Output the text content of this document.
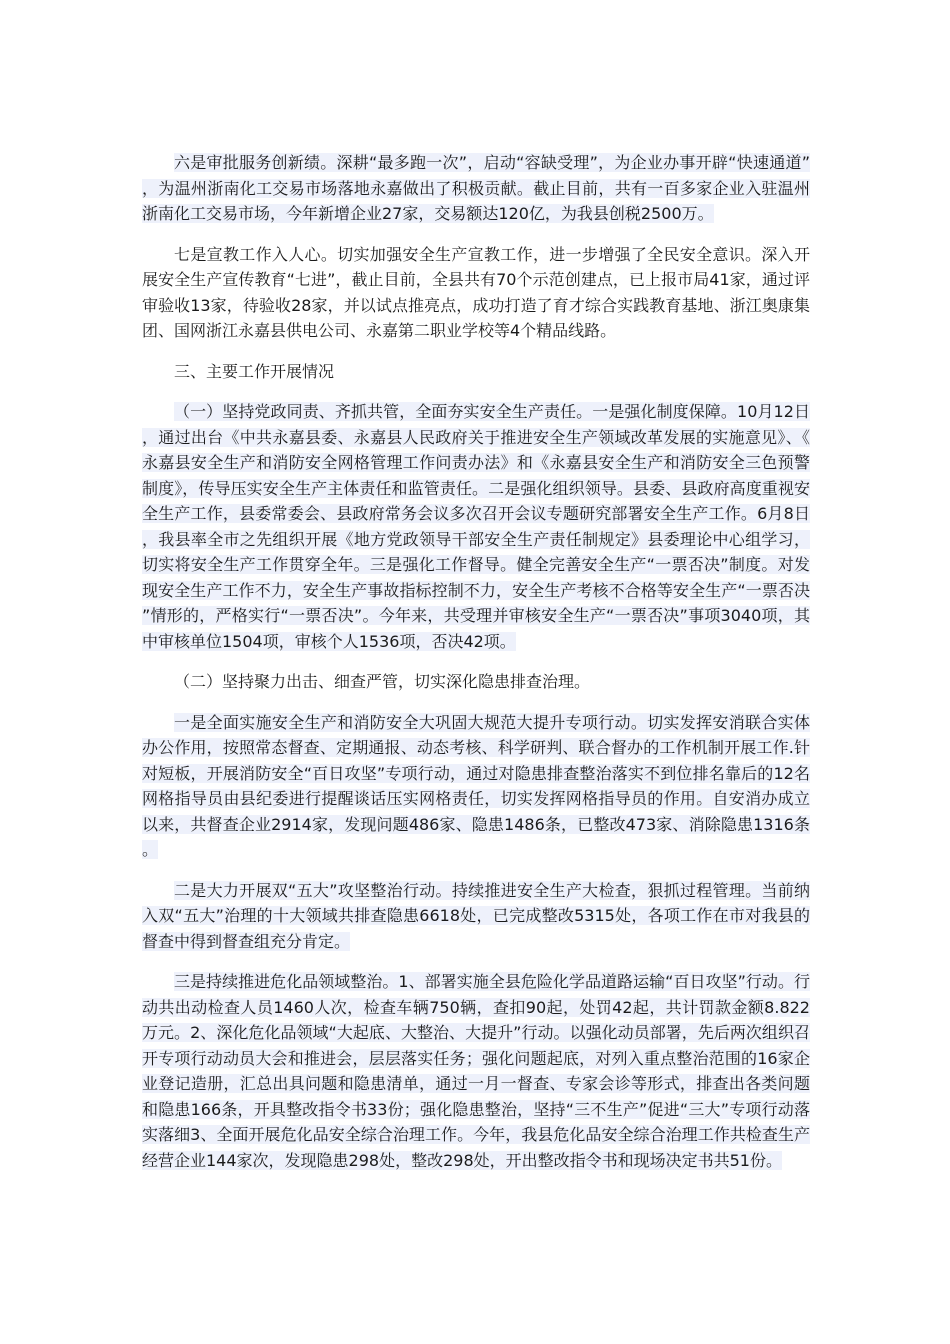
六是审批服务创新绩。深耕“最多跑一次”，启动“容缺受理”，为企业办事开辟“快速通道”，为温州浙南化工交易市场落地永嘉做出了积极贡献。截止目前，共有一百多家企业入驻温州浙南化工交易市场，今年新增企业27家，交易额达120亿，为我县创税2500万。

七是宣教工作入人心。切实加强安全生产宣教工作，进一步增强了全民安全意识。深入开展安全生产宣传教育“七进”，截止目前，全县共有70个示范创建点，已上报市局41家，通过评审验收13家，待验收28家，并以试点推亮点，成功打造了育才综合实践教育基地、浙江奥康集团、国网浙江永嘉县供电公司、永嘉第二职业学校等4个精品线路。

三、主要工作开展情况

（一）坚持党政同责、齐抓共管，全面夯实安全生产责任。一是强化制度保障。10月12日，通过出台《中共永嘉县委、永嘉县人民政府关于推进安全生产领域改革发展的实施意见》、《永嘉县安全生产和消防安全网格管理工作问责办法》和《永嘉县安全生产和消防安全三色预警制度》，传导压实安全生产主体责任和监管责任。二是强化组织领导。县委、县政府高度重视安全生产工作，县委常委会、县政府常务会议多次召开会议专题研究部署安全生产工作。6月8日，我县率全市之先组织开展《地方党政领导干部安全生产责任制规定》县委理论中心组学习，切实将安全生产工作贯穿全年。三是强化工作督导。健全完善安全生产“一票否决”制度。对发现安全生产工作不力，安全生产事故指标控制不力，安全生产考核不合格等安全生产“一票否决”情形的，严格实行“一票否决”。今年来，共受理并审核安全生产“一票否决”事项3040项，其中审核单位1504项，审核个人1536项，否决42项。

（二）坚持聚力出击、细查严管，切实深化隐患排查治理。

一是全面实施安全生产和消防安全大巩固大规范大提升专项行动。切实发挥安消联合实体办公作用，按照常态督查、定期通报、动态考核、科学研判、联合督办的工作机制开展工作.针对短板，开展消防安全“百日攻坚”专项行动，通过对隐患排查整治落实不到位排名靠后的12名网格指导员由县纪委进行提醒谈话压实网格责任，切实发挥网格指导员的作用。自安消办成立以来，共督查企业2914家，发现问题486家、隐患1486条，已整改473家、消除隐患1316条。

二是大力开展双“五大”攻坚整治行动。持续推进安全生产大检查，狠抓过程管理。当前纳入双“五大”治理的十大领域共排查隐患6618处，已完成整改5315处，各项工作在市对我县的督查中得到督查组充分肯定。

三是持续推进危化品领域整治。1、部署实施全县危险化学品道路运输“百日攻坚”行动。行动共出动检查人员1460人次，检查车辆750辆，查扣90起，处罚42起，共计罚款金额8.822万元。2、深化危化品领域“大起底、大整治、大提升”行动。以强化动员部署，先后两次组织召开专项行动动员大会和推进会，层层落实任务；强化问题起底，对列入重点整治范围的16家企业登记造册，汇总出具问题和隐患清单，通过一月一督查、专家会诊等形式，排查出各类问题和隐患166条，开具整改指令书33份；强化隐患整治，坚持“三不生产”促进“三大”专项行动落实落细3、全面开展危化品安全综合治理工作。今年，我县危化品安全综合治理工作共检查生产经营企业144家次，发现隐患298处，整改298处，开出整改指令书和现场决定书共51份。
